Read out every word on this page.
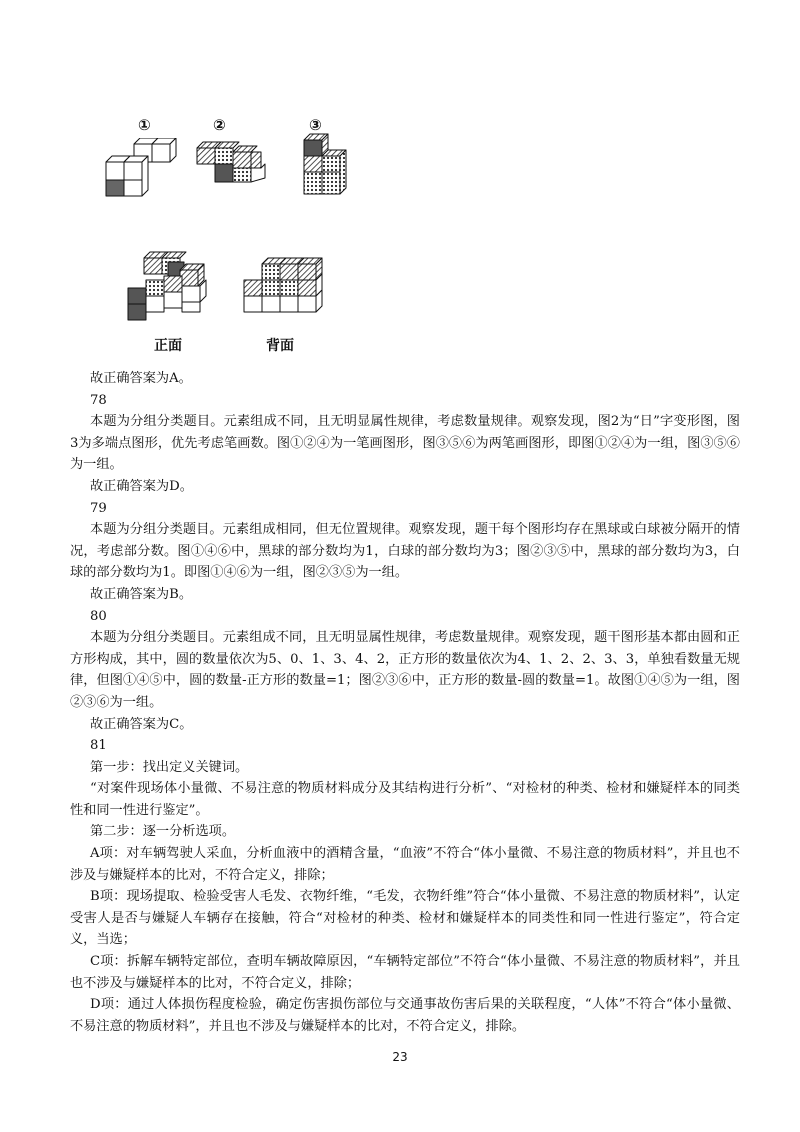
①	②	③
正面	背面

故正确答案为A。

78

本题为分组分类题目。元素组成不同，且无明显属性规律，考虑数量规律。观察发现，图2为“日”字变形图，图3为多端点图形，优先考虑笔画数。图①②④为一笔画图形，图③⑤⑥为两笔画图形，即图①②④为一组，图③⑤⑥为一组。

故正确答案为D。

79

本题为分组分类题目。元素组成相同，但无位置规律。观察发现，题干每个图形均存在黑球或白球被分隔开的情况，考虑部分数。图①④⑥中，黑球的部分数均为1，白球的部分数均为3；图②③⑤中，黑球的部分数均为3，白球的部分数均为1。即图①④⑥为一组，图②③⑤为一组。

故正确答案为B。

80

本题为分组分类题目。元素组成不同，且无明显属性规律，考虑数量规律。观察发现，题干图形基本都由圆和正方形构成，其中，圆的数量依次为5、0、1、3、4、2，正方形的数量依次为4、1、2、2、3、3，单独看数量无规律，但图①④⑤中，圆的数量-正方形的数量=1；图②③⑥中，正方形的数量-圆的数量=1。故图①④⑤为一组，图②③⑥为一组。

故正确答案为C。

81

第一步：找出定义关键词。

“对案件现场体小量微、不易注意的物质材料成分及其结构进行分析”、“对检材的种类、检材和嫌疑样本的同类性和同一性进行鉴定”。

第二步：逐一分析选项。

A项：对车辆驾驶人采血，分析血液中的酒精含量，“血液”不符合“体小量微、不易注意的物质材料”，并且也不涉及与嫌疑样本的比对，不符合定义，排除；

B项：现场提取、检验受害人毛发、衣物纤维，“毛发，衣物纤维”符合“体小量微、不易注意的物质材料”，认定受害人是否与嫌疑人车辆存在接触，符合“对检材的种类、检材和嫌疑样本的同类性和同一性进行鉴定”，符合定义，当选；

C项：拆解车辆特定部位，查明车辆故障原因，“车辆特定部位”不符合“体小量微、不易注意的物质材料”，并且也不涉及与嫌疑样本的比对，不符合定义，排除；

D项：通过人体损伤程度检验，确定伤害损伤部位与交通事故伤害后果的关联程度，“人体”不符合“体小量微、不易注意的物质材料”，并且也不涉及与嫌疑样本的比对，不符合定义，排除。

23
